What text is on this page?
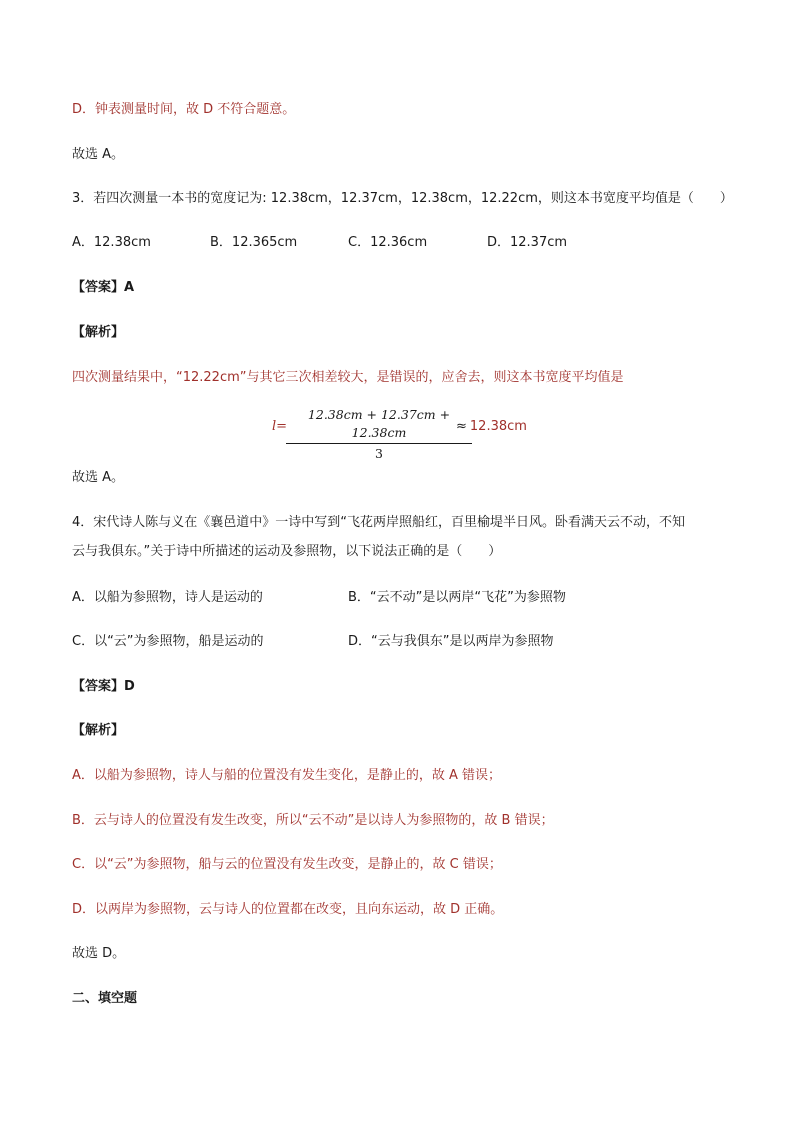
D．钟表测量时间，故 D 不符合题意。
故选 A。
3．若四次测量一本书的宽度记为: 12.38cm，12.37cm，12.38cm，12.22cm，则这本书宽度平均值是（　　）
A．12.38cm	B．12.365cm	C．12.36cm	D．12.37cm
【答案】A
【解析】
四次测量结果中，“12.22cm”与其它三次相差较大，是错误的，应舍去，则这本书宽度平均值是
l=
12.38cm + 12.37cm + 12.38cm
3
≈ 12.38cm
故选 A。
4．宋代诗人陈与义在《襄邑道中》一诗中写到“飞花两岸照船红，百里榆堤半日风。卧看满天云不动，不知
云与我俱东。”关于诗中所描述的运动及参照物，以下说法正确的是（　　）
A．以船为参照物，诗人是运动的	B．“云不动”是以两岸“飞花”为参照物
C．以“云”为参照物，船是运动的	D．“云与我俱东”是以两岸为参照物
【答案】D
【解析】
A．以船为参照物，诗人与船的位置没有发生变化，是静止的，故 A 错误；
B．云与诗人的位置没有发生改变，所以“云不动”是以诗人为参照物的，故 B 错误；
C．以“云”为参照物，船与云的位置没有发生改变，是静止的，故 C 错误；
D．以两岸为参照物，云与诗人的位置都在改变，且向东运动，故 D 正确。
故选 D。
二、填空题
